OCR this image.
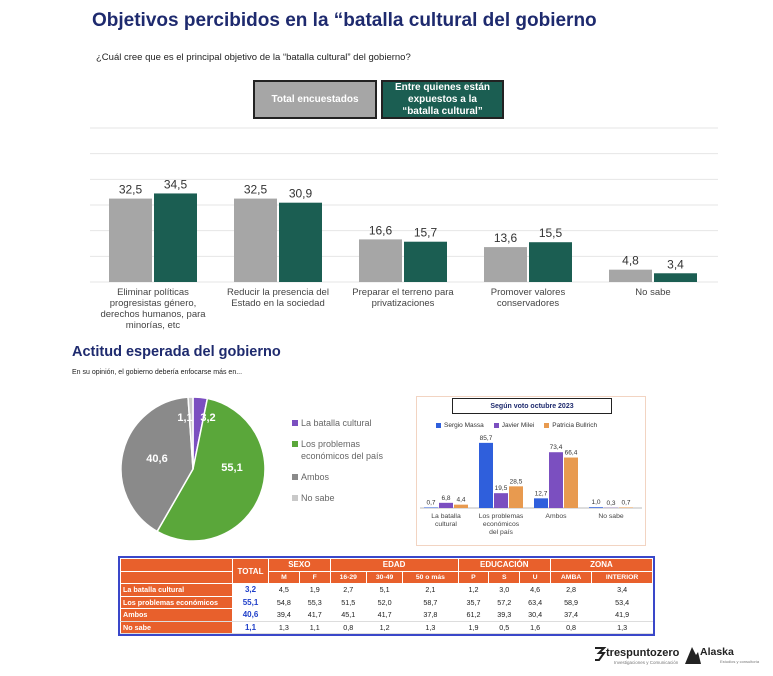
Objetivos percibidos en la “batalla cultural del gobierno
¿Cuál cree que es el principal objetivo de la “batalla cultural” del gobierno?
Total encuestados
Entre quienes están
expuestos a la
“batalla cultural”
32,5 34,5
Eliminar políticas
progresistas género,
derechos humanos, para
minorías, etc
32,5 30,9
Reducir la presencia del
Estado en la sociedad
16,6 15,7
Preparar el terreno para
privatizaciones
13,6 15,5
Promover valores
conservadores
4,8 3,4
No sabe
3,2
55,1
40,6
1,1
0,7
6,8 4,4
La batalla
cultural
85,7
19,5
28,5
Los problemas
económicos
del país
12,7
73,4
66,4
Ambos
1,0 0,3 0,7
No sabe
Actitud esperada del gobierno
En su opinión, el gobierno debería enfocarse más en...
La batalla cultural
Los problemas económicos del país
Ambos
No sabe
Según voto octubre 2023
Sergio Massa	Javier Milei	Patricia Bullrich
	TOTAL	SEXO		EDAD			EDUCACIÓN			ZONA	
		M	F	16-29	30-49	50 o más	P	S	U	AMBA	INTERIOR
La batalla cultural	3,2	4,5	1,9	2,7	5,1	2,1	1,2	3,0	4,6	2,8	3,4
Los problemas económicos	55,1	54,8	55,3	51,5	52,0	58,7	35,7	57,2	63,4	58,9	53,4
Ambos	40,6	39,4	41,7	45,1	41,7	37,8	61,2	39,3	30,4	37,4	41,9
No sabe	1,1	1,3	1,1	0,8	1,2	1,3	1,9	0,5	1,6	0,8	1,3
trespuntozero
Investigaciones y Comunicación
Alaska
Estudios y consultoría
